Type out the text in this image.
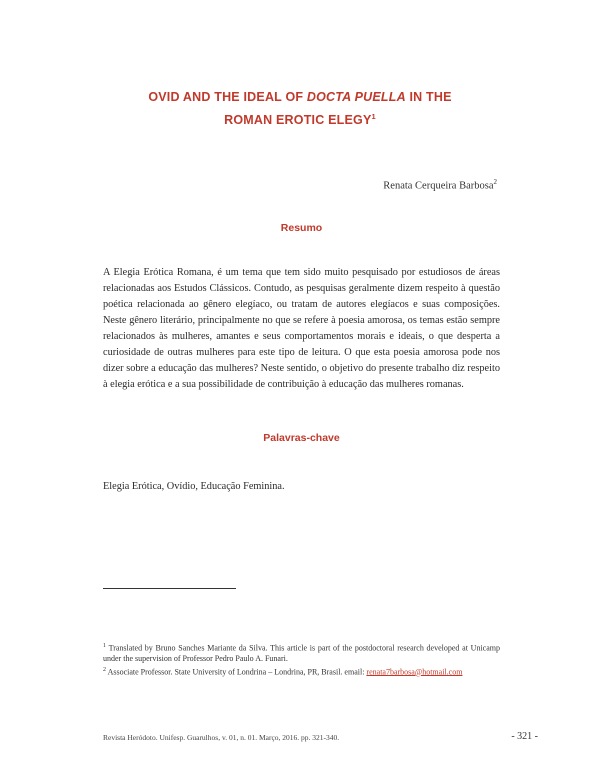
OVID AND THE IDEAL OF DOCTA PUELLA IN THE
ROMAN EROTIC ELEGY$^1$
Renata Cerqueira Barbosa$^2$
Resumo

A Elegia Erótica Romana, é um tema que tem sido muito pesquisado por estudiosos de áreas relacionadas aos Estudos Clássicos. Contudo, as pesquisas geralmente dizem respeito à questão poética relacionada ao gênero elegíaco, ou tratam de autores elegíacos e suas composições. Neste gênero literário, principalmente no que se refere à poesia amorosa, os temas estão sempre relacionados às mulheres, amantes e seus comportamentos morais e ideais, o que desperta a curiosidade de outras mulheres para este tipo de leitura. O que esta poesia amorosa pode nos dizer sobre a educação das mulheres? Neste sentido, o objetivo do presente trabalho diz respeito à elegia erótica e a sua possibilidade de contribuição à educação das mulheres romanas.

Palavras-chave

Elegia Erótica, Ovídio, Educação Feminina.

$^1$ Translated by Bruno Sanches Mariante da Silva. This article is part of the postdoctoral research developed at Unicamp under the supervision of Professor Pedro Paulo A. Funari.

$^2$ Associate Professor. State University of Londrina – Londrina, PR, Brasil. email: renata7barbosa@hotmail.com

Revista Heródoto. Unifesp. Guarulhos, v. 01, n. 01. Março, 2016. pp. 321-340.	- 321 -
